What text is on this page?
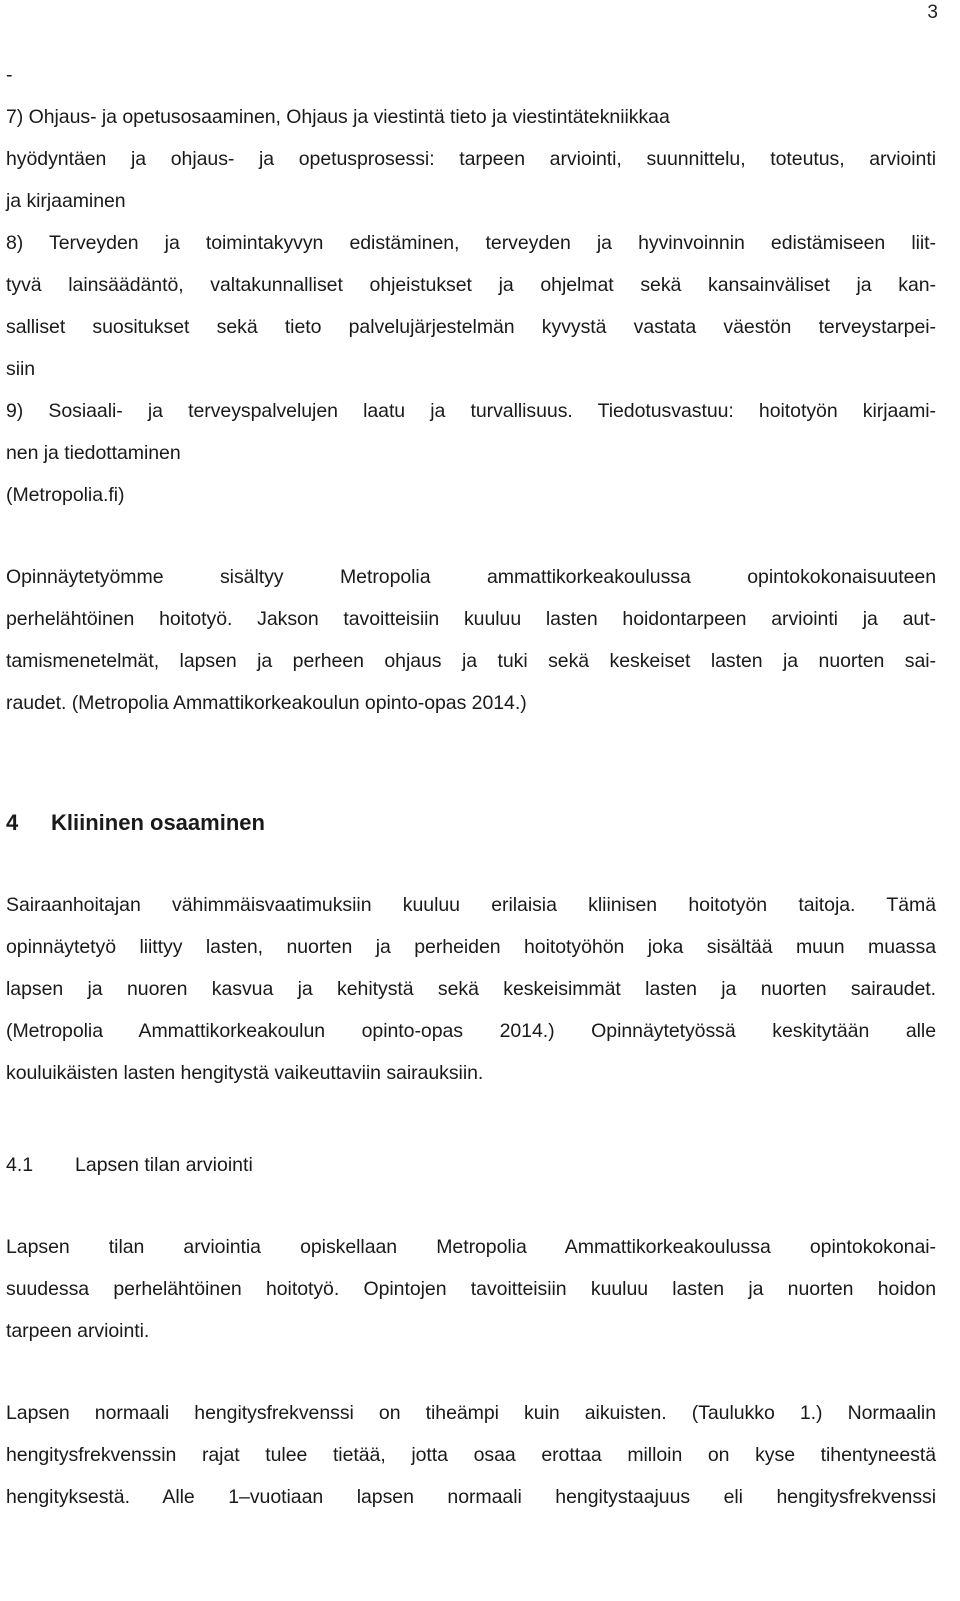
3
-
7) Ohjaus- ja opetusosaaminen, Ohjaus ja viestintä tieto ja viestintätekniikkaa
hyödyntäen ja ohjaus- ja opetusprosessi: tarpeen arviointi, suunnittelu, toteutus, arviointi
ja kirjaaminen
8) Terveyden ja toimintakyvyn edistäminen, terveyden ja hyvinvoinnin edistämiseen liit-
tyvä lainsäädäntö, valtakunnalliset ohjeistukset ja ohjelmat sekä kansainväliset ja kan-
salliset suositukset sekä tieto palvelujärjestelmän kyvystä vastata väestön terveystarpei-
siin
9) Sosiaali- ja terveyspalvelujen laatu ja turvallisuus. Tiedotusvastuu: hoitotyön kirjaami-
nen ja tiedottaminen
(Metropolia.fi)
Opinnäytetyömme sisältyy Metropolia ammattikorkeakoulussa opintokokonaisuuteen
perhelähtöinen hoitotyö. Jakson tavoitteisiin kuuluu lasten hoidontarpeen arviointi ja aut-
tamismenetelmät, lapsen ja perheen ohjaus ja tuki sekä keskeiset lasten ja nuorten sai-
raudet. (Metropolia Ammattikorkeakoulun opinto-opas 2014.)
4 Kliininen osaaminen
Sairaanhoitajan vähimmäisvaatimuksiin kuuluu erilaisia kliinisen hoitotyön taitoja. Tämä
opinnäytetyö liittyy lasten, nuorten ja perheiden hoitotyöhön joka sisältää muun muassa
lapsen ja nuoren kasvua ja kehitystä sekä keskeisimmät lasten ja nuorten sairaudet.
(Metropolia Ammattikorkeakoulun opinto-opas 2014.) Opinnäytetyössä keskitytään alle
kouluikäisten lasten hengitystä vaikeuttaviin sairauksiin.
4.1 Lapsen tilan arviointi
Lapsen tilan arviointia opiskellaan Metropolia Ammattikorkeakoulussa opintokokonai-
suudessa perhelähtöinen hoitotyö. Opintojen tavoitteisiin kuuluu lasten ja nuorten hoidon
tarpeen arviointi.
Lapsen normaali hengitysfrekvenssi on tiheämpi kuin aikuisten. (Taulukko 1.) Normaalin
hengitysfrekvenssin rajat tulee tietää, jotta osaa erottaa milloin on kyse tihentyneestä
hengityksestä. Alle 1–vuotiaan lapsen normaali hengitystaajuus eli hengitysfrekvenssi
